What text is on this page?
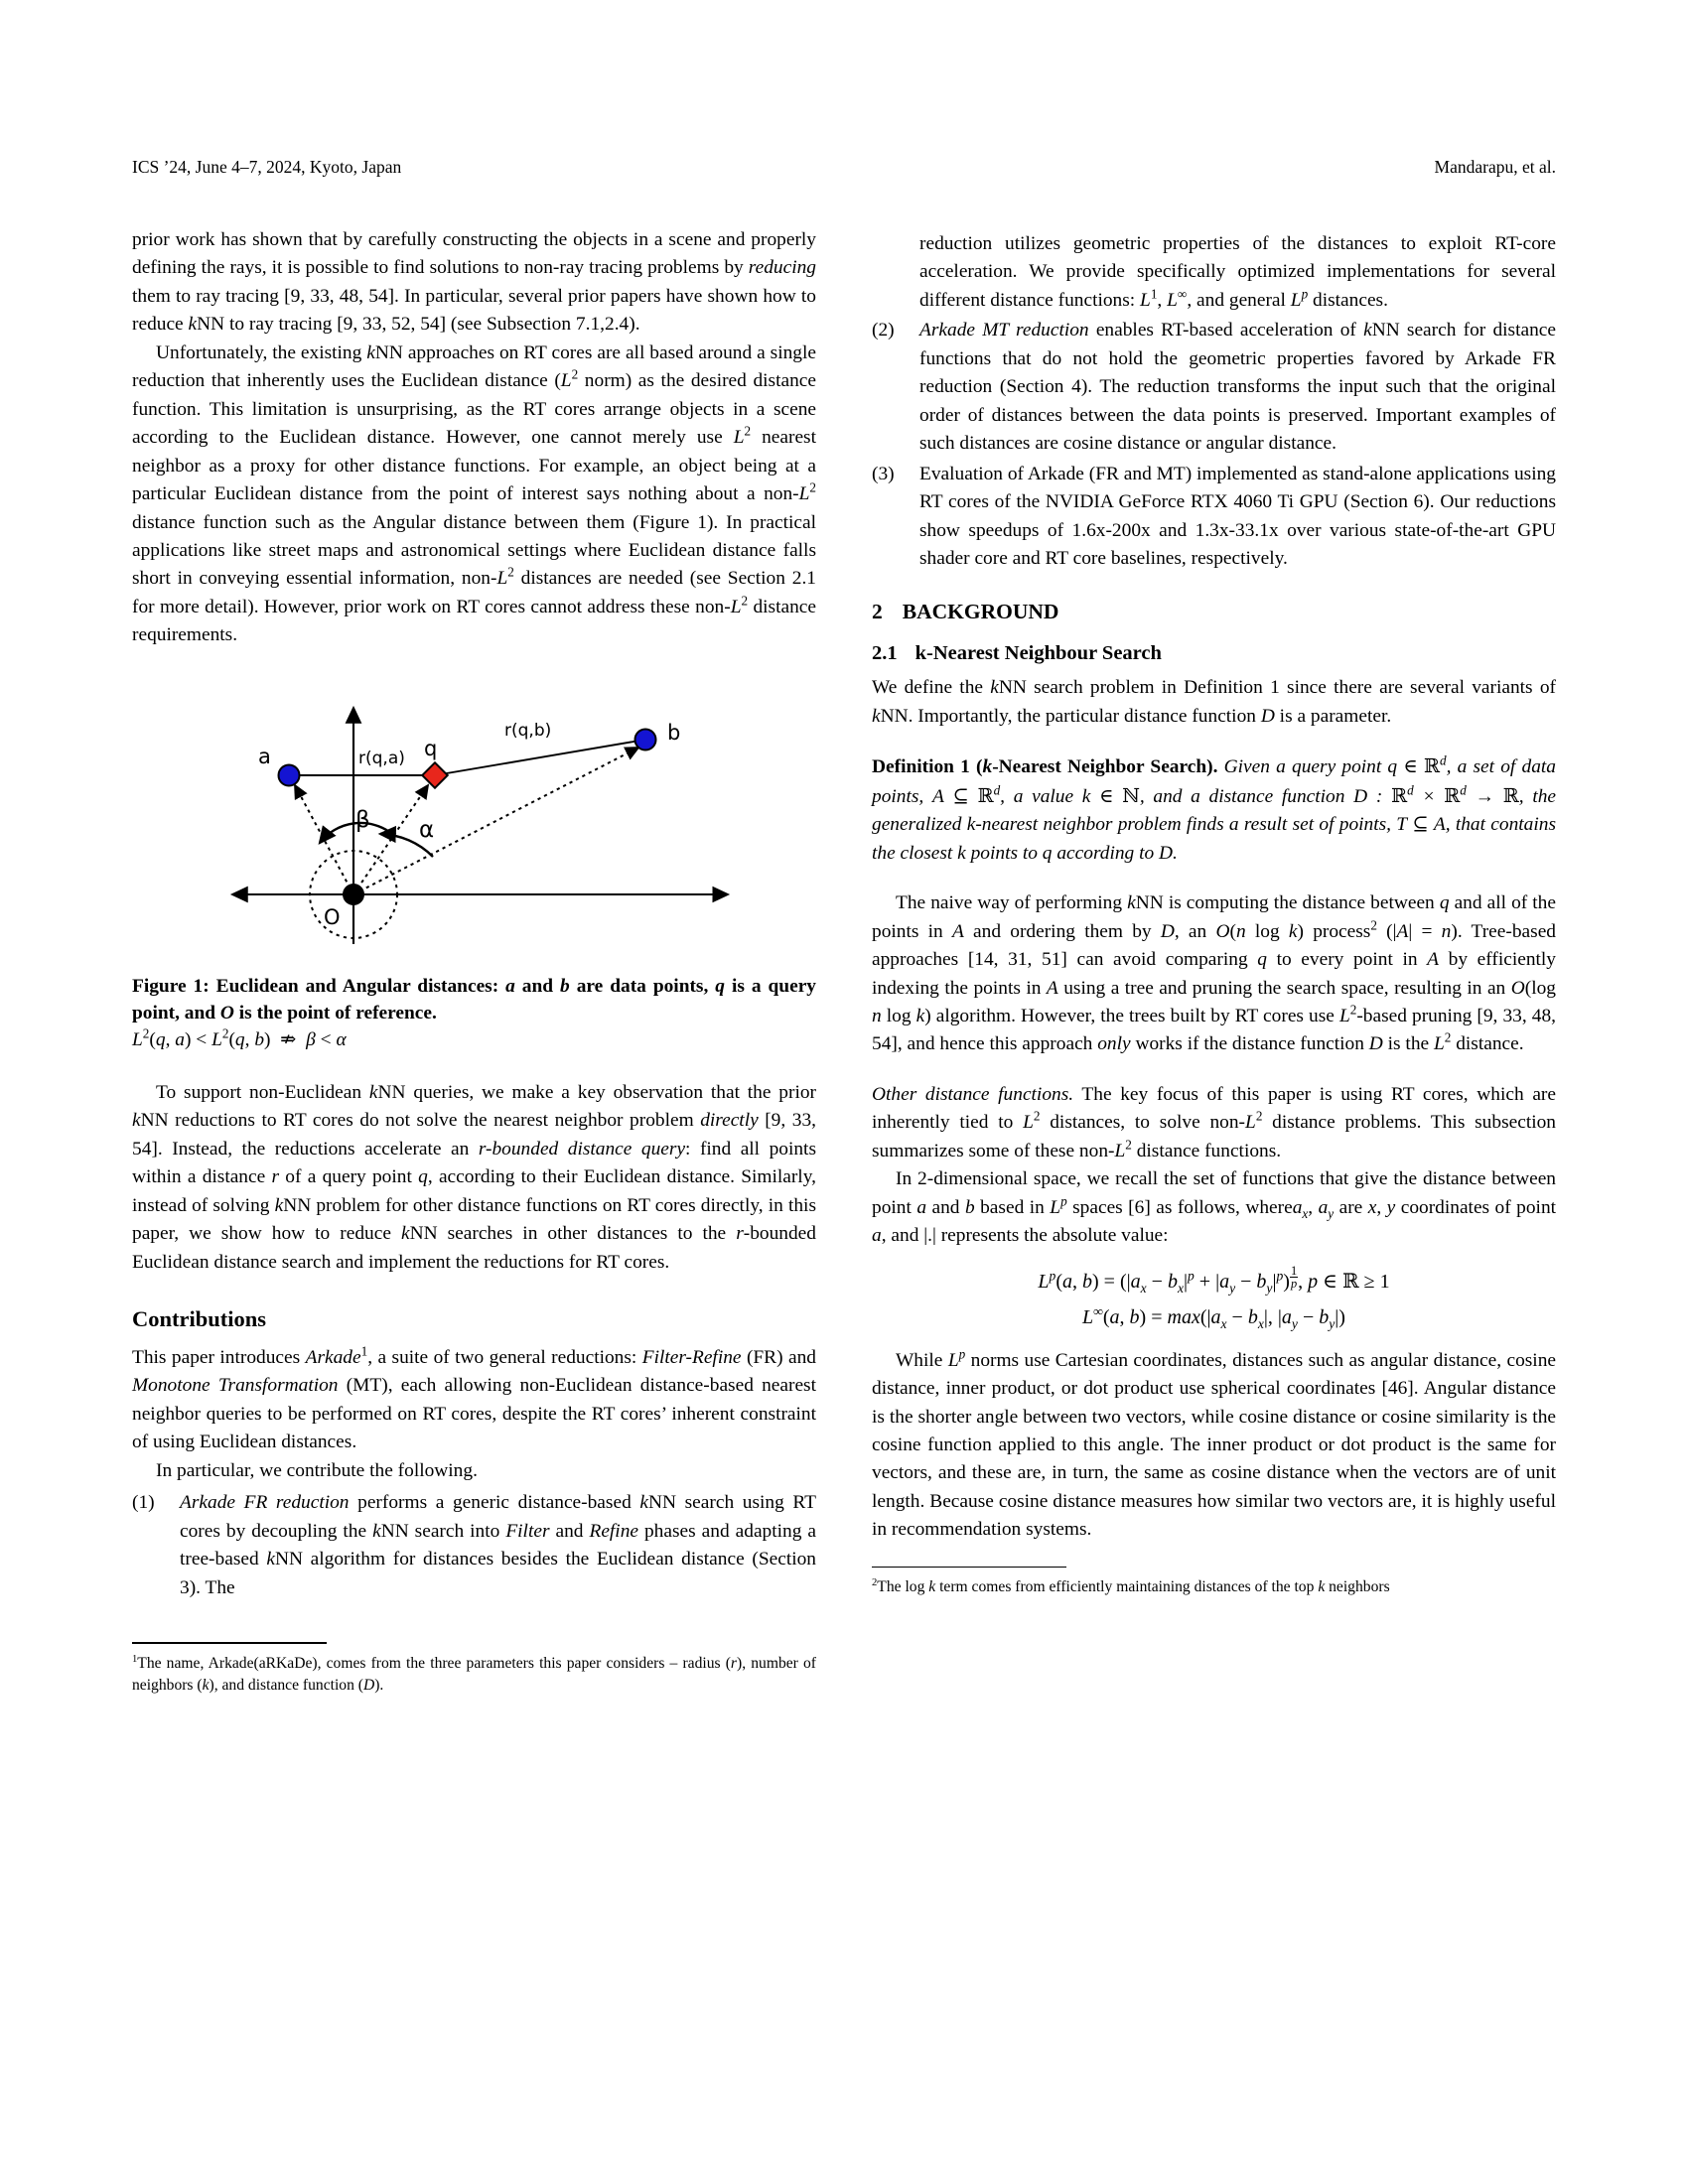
ICS ’24, June 4–7, 2024, Kyoto, Japan	Mandarapu, et al.

prior work has shown that by carefully constructing the objects in a scene and properly defining the rays, it is possible to find solutions to non-ray tracing problems by reducing them to ray tracing [9, 33, 48, 54]. In particular, several prior papers have shown how to reduce kNN to ray tracing [9, 33, 52, 54] (see Subsection 7.1,2.4).

Unfortunately, the existing kNN approaches on RT cores are all based around a single reduction that inherently uses the Euclidean distance ($L^2$ norm) as the desired distance function. This limitation is unsurprising, as the RT cores arrange objects in a scene according to the Euclidean distance. However, one cannot merely use $L^2$ nearest neighbor as a proxy for other distance functions. For example, an object being at a particular Euclidean distance from the point of interest says nothing about a non-$L^2$ distance function such as the Angular distance between them (Figure 1). In practical applications like street maps and astronomical settings where Euclidean distance falls short in conveying essential information, non-$L^2$ distances are needed (see Section 2.1 for more detail). However, prior work on RT cores cannot address these non-$L^2$ distance requirements.

a
b
q
O
β α
r(q,a)
r(q,b)
Figure 1: Euclidean and Angular distances: a and b are data points, q is a query point, and O is the point of reference.
$L^2(q$, $a) < L^2(q$, b)  ⇏  β < α

To support non-Euclidean kNN queries, we make a key observation that the prior kNN reductions to RT cores do not solve the nearest neighbor problem directly [9, 33, 54]. Instead, the reductions accelerate an r-bounded distance query: find all points within a distance r of a query point q, according to their Euclidean distance. Similarly, instead of solving kNN problem for other distance functions on RT cores directly, in this paper, we show how to reduce kNN searches in other distances to the r-bounded Euclidean distance search and implement the reductions for RT cores.

Contributions

This paper introduces Arkade$^1$, a suite of two general reductions: Filter-Refine (FR) and Monotone Transformation (MT), each allowing non-Euclidean distance-based nearest neighbor queries to be performed on RT cores, despite the RT cores’ inherent constraint of using Euclidean distances.

In particular, we contribute the following.

(1)	Arkade FR reduction performs a generic distance-based kNN search using RT cores by decoupling the kNN search into Filter and Refine phases and adapting a tree-based kNN algorithm for distances besides the Euclidean distance (Section 3). The

$^1$The name, Arkade(aRKaDe), comes from the three parameters this paper considers – radius (r), number of neighbors (k), and distance function (D).

reduction utilizes geometric properties of the distances to exploit RT-core acceleration. We provide specifically optimized implementations for several different distance functions: $L^1$, L∞, and general $L^p$ distances.
(2)	Arkade MT reduction enables RT-based acceleration of kNN search for distance functions that do not hold the geometric properties favored by Arkade FR reduction (Section 4). The reduction transforms the input such that the original order of distances between the data points is preserved. Important examples of such distances are cosine distance or angular distance.
(3)	Evaluation of Arkade (FR and MT) implemented as stand-alone applications using RT cores of the NVIDIA GeForce RTX 4060 Ti GPU (Section 6). Our reductions show speedups of 1.6x-200x and 1.3x-33.1x over various state-of-the-art GPU shader core and RT core baselines, respectively.
2 BACKGROUND
2.1 k-Nearest Neighbour Search

We define the kNN search problem in Definition 1 since there are several variants of kNN. Importantly, the particular distance function D is a parameter.

Definition 1 (k-Nearest Neighbor Search). Given a query point q ∈ ℝ$^d$, a set of data points, A ⊆ ℝ$^d$, a value k ∈ ℕ, and a distance function D : ℝ$^d$ × ℝ$^d$ → ℝ, the generalized k-nearest neighbor problem finds a result set of points, T ⊆ A, that contains the closest k points to q according to D.

The naive way of performing kNN is computing the distance between q and all of the points in A and ordering them by D, an O(n log k) process$^2$ (|A| = n). Tree-based approaches [14, 31, 51] can avoid comparing q to every point in A by efficiently indexing the points in A using a tree and pruning the search space, resulting in an O(log n log k) algorithm. However, the trees built by RT cores use $L^2$-based pruning [9, 33, 48, 54], and hence this approach only works if the distance function D is the $L^2$ distance.

Other distance functions. The key focus of this paper is using RT cores, which are inherently tied to $L^2$ distances, to solve non-$L^2$ distance problems. This subsection summarizes some of these non-$L^2$ distance functions.

In 2-dimensional space, we recall the set of functions that give the distance between point a and b based in $L^p$ spaces [6] as follows, wherea$_x$, $a_y$ are x, y coordinates of point a, and |.| represents the absolute value:

$L^p(a$, $b) = (|a_x - b_x|^p + |a_y - b_y|^p) \frac{1}{p}$ , p ∈ ℝ ≥ 1
L∞(a, $b) = \max(|a_x - b_x|$, $|a_y - b_y|$)

While $L^p$ norms use Cartesian coordinates, distances such as angular distance, cosine distance, inner product, or dot product use spherical coordinates [46]. Angular distance is the shorter angle between two vectors, while cosine distance or cosine similarity is the cosine function applied to this angle. The inner product or dot product is the same for vectors, and these are, in turn, the same as cosine distance when the vectors are of unit length. Because cosine distance measures how similar two vectors are, it is highly useful in recommendation systems.

$^2$The log k term comes from efficiently maintaining distances of the top k neighbors
